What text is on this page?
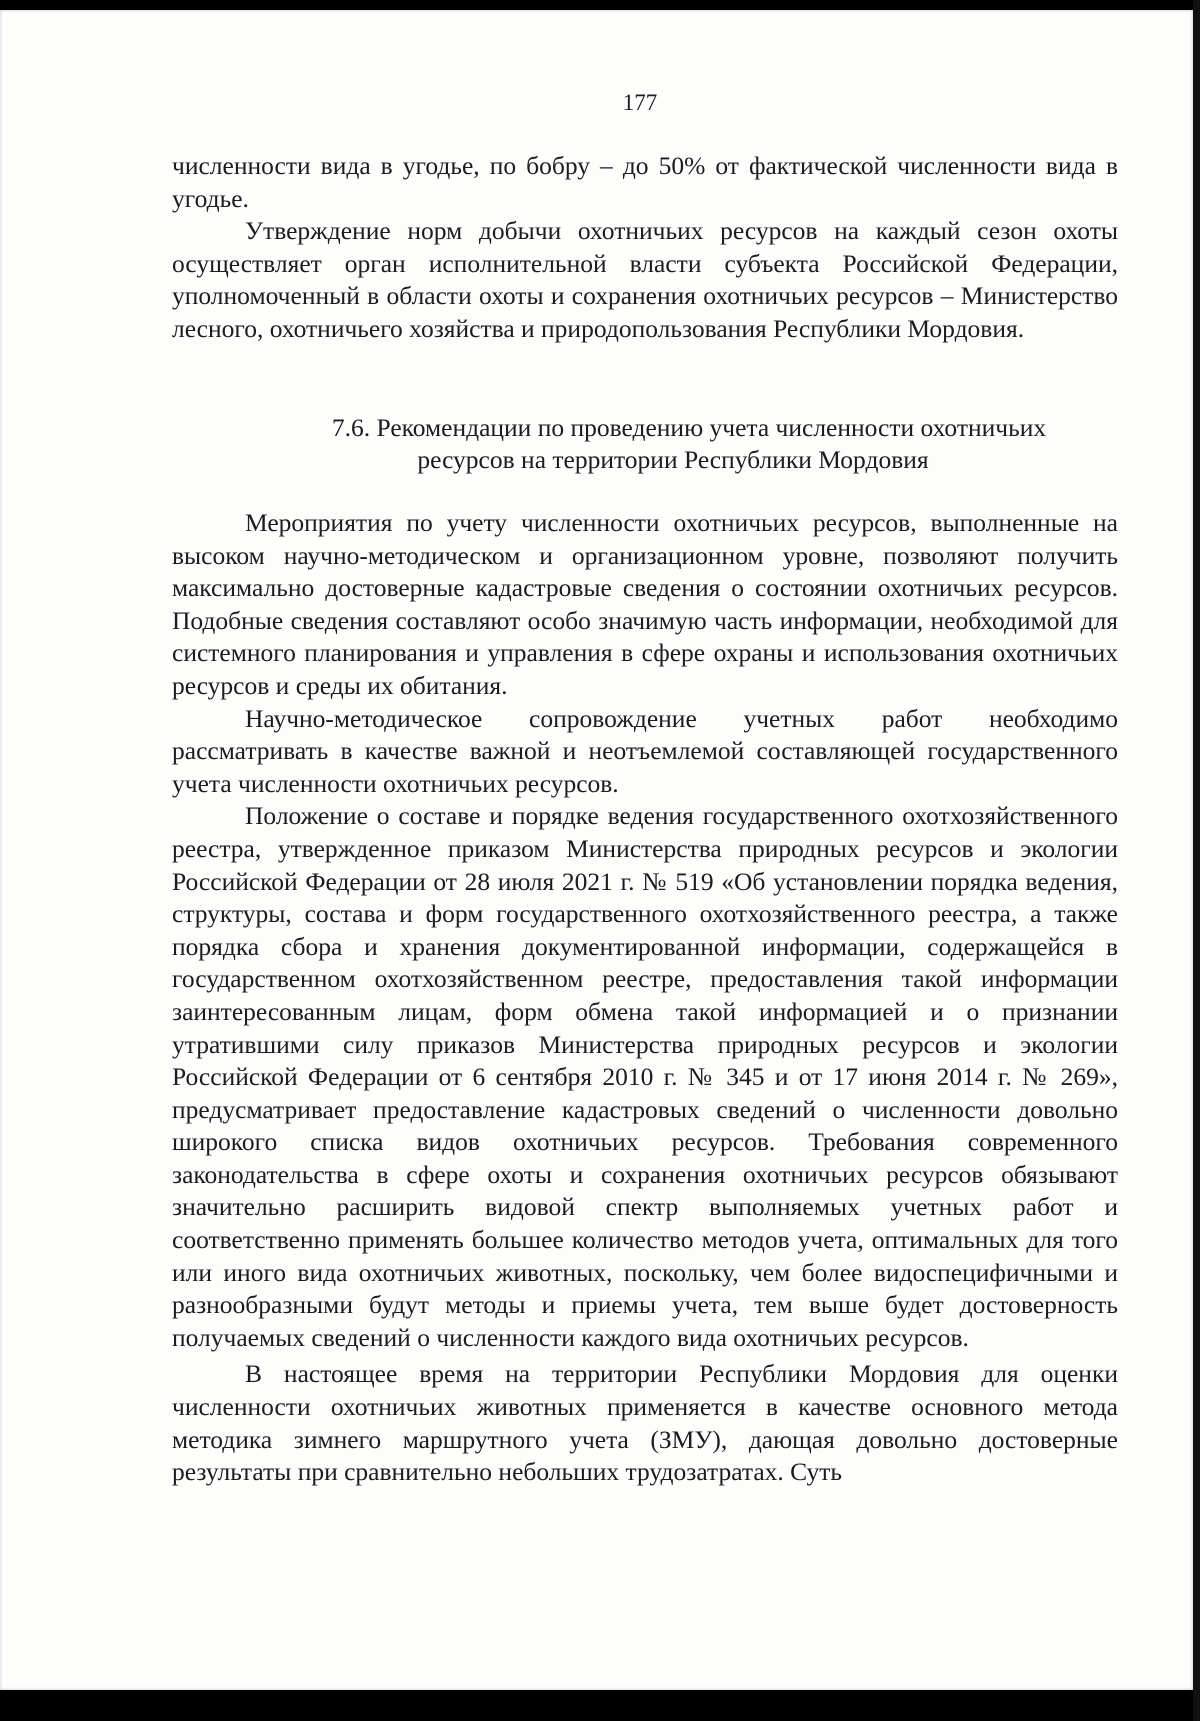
177

численности вида в угодье, по бобру – до 50% от фактической численности вида в угодье.

Утверждение норм добычи охотничьих ресурсов на каждый сезон охоты осуществляет орган исполнительной власти субъекта Российской Федерации, уполномоченный в области охоты и сохранения охотничьих ресурсов – Министерство лесного, охотничьего хозяйства и природопользования Республики Мордовия.

7.6. Рекомендации по проведению учета численности охотничьих
ресурсов на территории Республики Мордовия

Мероприятия по учету численности охотничьих ресурсов, выполненные на высоком научно-методическом и организационном уровне, позволяют получить максимально достоверные кадастровые сведения о состоянии охотничьих ресурсов. Подобные сведения составляют особо значимую часть информации, необходимой для системного планирования и управления в сфере охраны и использования охотничьих ресурсов и среды их обитания.

Научно-методическое сопровождение учетных работ необходимо рассматривать в качестве важной и неотъемлемой составляющей государственного учета численности охотничьих ресурсов.

Положение о составе и порядке ведения государственного охотхозяйственного реестра, утвержденное приказом Министерства природных ресурсов и экологии Российской Федерации от 28 июля 2021 г. № 519 «Об установлении порядка ведения, структуры, состава и форм государственного охотхозяйственного реестра, а также порядка сбора и хранения документированной информации, содержащейся в государственном охотхозяйственном реестре, предоставления такой информации заинтересованным лицам, форм обмена такой информацией и о признании утратившими силу приказов Министерства природных ресурсов и экологии Российской Федерации от 6 сентября 2010 г. № 345 и от 17 июня 2014 г. № 269», предусматривает предоставление кадастровых сведений о численности довольно широкого списка видов охотничьих ресурсов. Требования современного законодательства в сфере охоты и сохранения охотничьих ресурсов обязывают значительно расширить видовой спектр выполняемых учетных работ и соответственно применять большее количество методов учета, оптимальных для того или иного вида охотничьих животных, поскольку, чем более видоспецифичными и разнообразными будут методы и приемы учета, тем выше будет достоверность получаемых сведений о численности каждого вида охотничьих ресурсов.

В настоящее время на территории Республики Мордовия для оценки численности охотничьих животных применяется в качестве основного метода методика зимнего маршрутного учета (ЗМУ), дающая довольно достоверные результаты при сравнительно небольших трудозатратах. Суть
